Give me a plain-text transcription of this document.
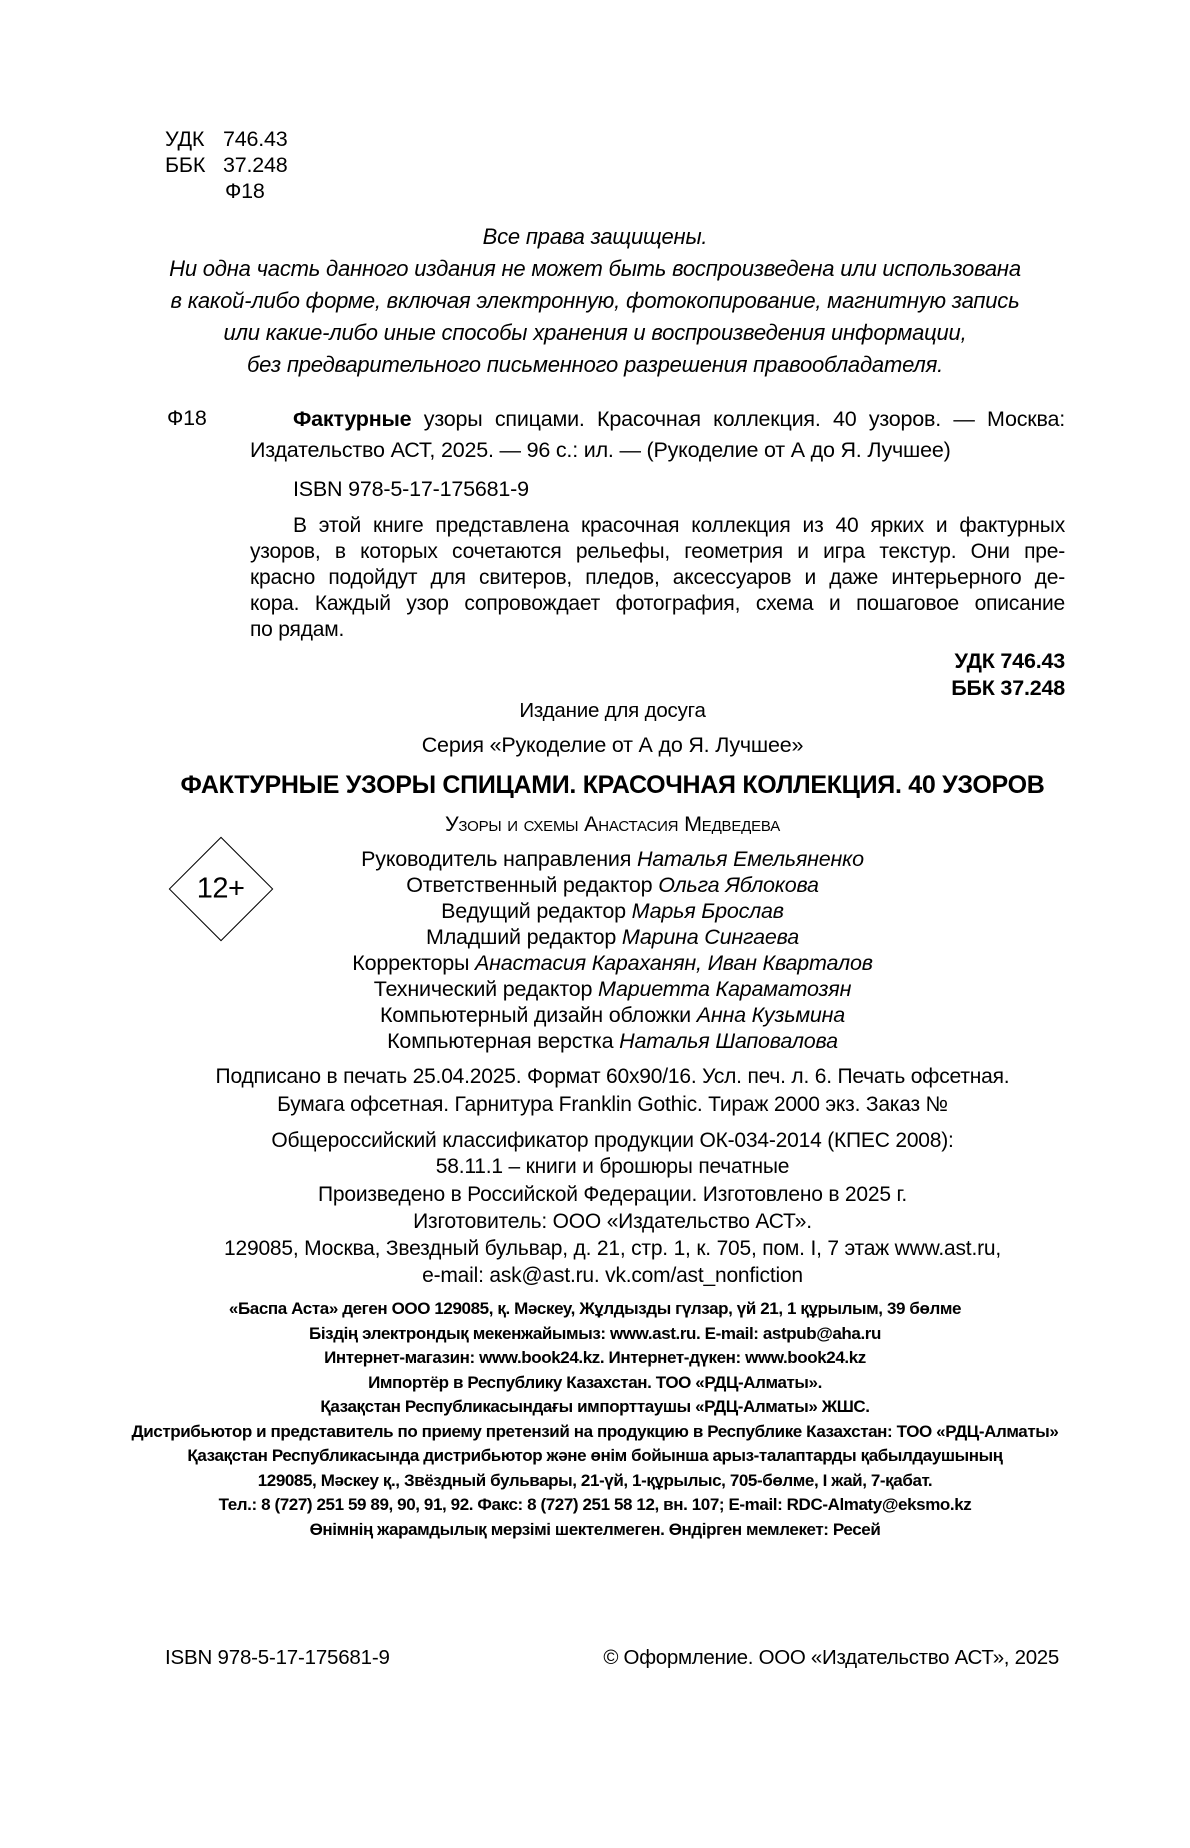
УДК 746.43
ББК 37.248
Ф18
Все права защищены.
Ни одна часть данного издания не может быть воспроизведена или использована
в какой-либо форме, включая электронную, фотокопирование, магнитную запись
или какие-либо иные способы хранения и воспроизведения информации,
без предварительного письменного разрешения правообладателя.
Ф18	Фактурные узоры спицами. Красочная коллекция. 40 узоров. — Москва: Издательство АСТ, 2025. — 96 с.: ил. — (Рукоделие от А до Я. Лучшее)

ISBN 978-5-17-175681-9

В этой книге представлена красочная коллекция из 40 ярких и фактурных
узоров, в которых сочетаются рельефы, геометрия и игра текстур. Они пре-
красно подойдут для свитеров, пледов, аксессуаров и даже интерьерного де-
кора. Каждый узор сопровождает фотография, схема и пошаговое описание
по рядам.
УДК 746.43
ББК 37.248
Издание для досуга
Серия «Рукоделие от А до Я. Лучшее»
ФАКТУРНЫЕ УЗОРЫ СПИЦАМИ. КРАСОЧНАЯ КОЛЛЕКЦИЯ. 40 УЗОРОВ
Узоры и схемы Анастасия Медведева
12+
Руководитель направления Наталья Емельяненко
Ответственный редактор Ольга Яблокова
Ведущий редактор Марья Брослав
Младший редактор Марина Сингаева
Корректоры Анастасия Караханян, Иван Кварталов
Технический редактор Мариетта Караматозян
Компьютерный дизайн обложки Анна Кузьмина
Компьютерная верстка Наталья Шаповалова
Подписано в печать 25.04.2025. Формат 60х90/16. Усл. печ. л. 6. Печать офсетная.
Бумага офсетная. Гарнитура Franklin Gothic. Тираж 2000 экз. Заказ №
Общероссийский классификатор продукции ОК-034-2014 (КПЕС 2008):
58.11.1 – книги и брошюры печатные
Произведено в Российской Федерации. Изготовлено в 2025 г.
Изготовитель: ООО «Издательство АСТ».
129085, Москва, Звездный бульвар, д. 21, стр. 1, к. 705, пом. I, 7 этаж www.ast.ru,
e-mail: ask@ast.ru. vk.com/ast_nonfiction
«Баспа Аста» деген ООО 129085, қ. Мәскеу, Жұлдызды гүлзар, үй 21, 1 құрылым, 39 бөлме
Біздің электрондық мекенжайымыз: www.ast.ru. E-mail: astpub@aha.ru
Интернет-магазин: www.book24.kz. Интернет-дүкен: www.book24.kz
Импортёр в Республику Казахстан. ТОО «РДЦ-Алматы».
Қазақстан Республикасындағы импорттаушы «РДЦ-Алматы» ЖШС.
Дистрибьютор и представитель по приему претензий на продукцию в Республике Казахстан: ТОО «РДЦ-Алматы»
Қазақстан Республикасында дистрибьютор және өнім бойынша арыз-талаптарды қабылдаушының
129085, Мәскеу қ., Звёздный бульвары, 21-үй, 1-құрылыс, 705-бөлме, I жай, 7-қабат.
Тел.: 8 (727) 251 59 89, 90, 91, 92. Факс: 8 (727) 251 58 12, вн. 107; E-mail: RDC-Almaty@eksmo.kz
Өнімнің жарамдылық мерзімі шектелмеген. Өндірген мемлекет: Ресей
ISBN 978-5-17-175681-9	© Оформление. ООО «Издательство АСТ», 2025
